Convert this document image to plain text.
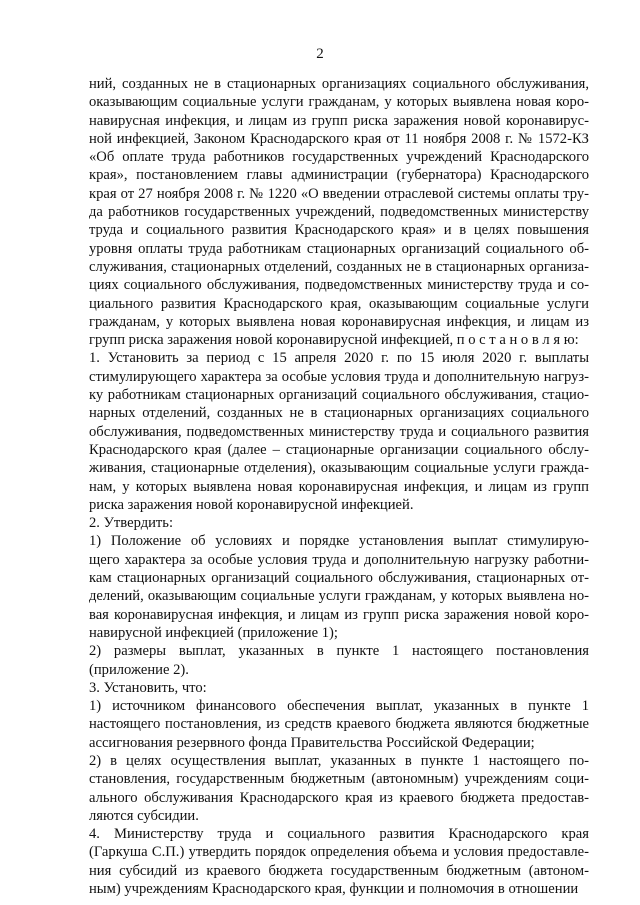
2
ний, созданных не в стационарных организациях социального обслуживания,
оказывающим социальные услуги гражданам, у которых выявлена новая коро-
навирусная инфекция, и лицам из групп риска заражения новой коронавирус-
ной инфекцией, Законом Краснодарского края от 11 ноября 2008 г. № 1572-КЗ
«Об оплате труда работников государственных учреждений Краснодарского
края», постановлением главы администрации (губернатора) Краснодарского
края от 27 ноября 2008 г. № 1220 «О введении отраслевой системы оплаты тру-
да работников государственных учреждений, подведомственных министерству
труда и социального развития Краснодарского края» и в целях повышения
уровня оплаты труда работникам стационарных организаций социального об-
служивания, стационарных отделений, созданных не в стационарных организа-
циях социального обслуживания, подведомственных министерству труда и со-
циального развития Краснодарского края, оказывающим социальные услуги
гражданам, у которых выявлена новая коронавирусная инфекция, и лицам из
групп риска заражения новой коронавирусной инфекцией, п о с т а н о в л я ю:
1. Установить за период с 15 апреля 2020 г. по 15 июля 2020 г. выплаты
стимулирующего характера за особые условия труда и дополнительную нагруз-
ку работникам стационарных организаций социального обслуживания, стацио-
нарных отделений, созданных не в стационарных организациях социального
обслуживания, подведомственных министерству труда и социального развития
Краснодарского края (далее – стационарные организации социального обслу-
живания, стационарные отделения), оказывающим социальные услуги гражда-
нам, у которых выявлена новая коронавирусная инфекция, и лицам из групп
риска заражения новой коронавирусной инфекцией.
2. Утвердить:
1) Положение об условиях и порядке установления выплат стимулирую-
щего характера за особые условия труда и дополнительную нагрузку работни-
кам стационарных организаций социального обслуживания, стационарных от-
делений, оказывающим социальные услуги гражданам, у которых выявлена но-
вая коронавирусная инфекция, и лицам из групп риска заражения новой коро-
навирусной инфекцией (приложение 1);
2) размеры выплат, указанных в пункте 1 настоящего постановления
(приложение 2).
3. Установить, что:
1) источником финансового обеспечения выплат, указанных в пункте 1
настоящего постановления, из средств краевого бюджета являются бюджетные
ассигнования резервного фонда Правительства Российской Федерации;
2) в целях осуществления выплат, указанных в пункте 1 настоящего по-
становления, государственным бюджетным (автономным) учреждениям соци-
ального обслуживания Краснодарского края из краевого бюджета предостав-
ляются субсидии.
4. Министерству труда и социального развития Краснодарского края
(Гаркуша С.П.) утвердить порядок определения объема и условия предоставле-
ния субсидий из краевого бюджета государственным бюджетным (автоном-
ным) учреждениям Краснодарского края, функции и полномочия в отношении
